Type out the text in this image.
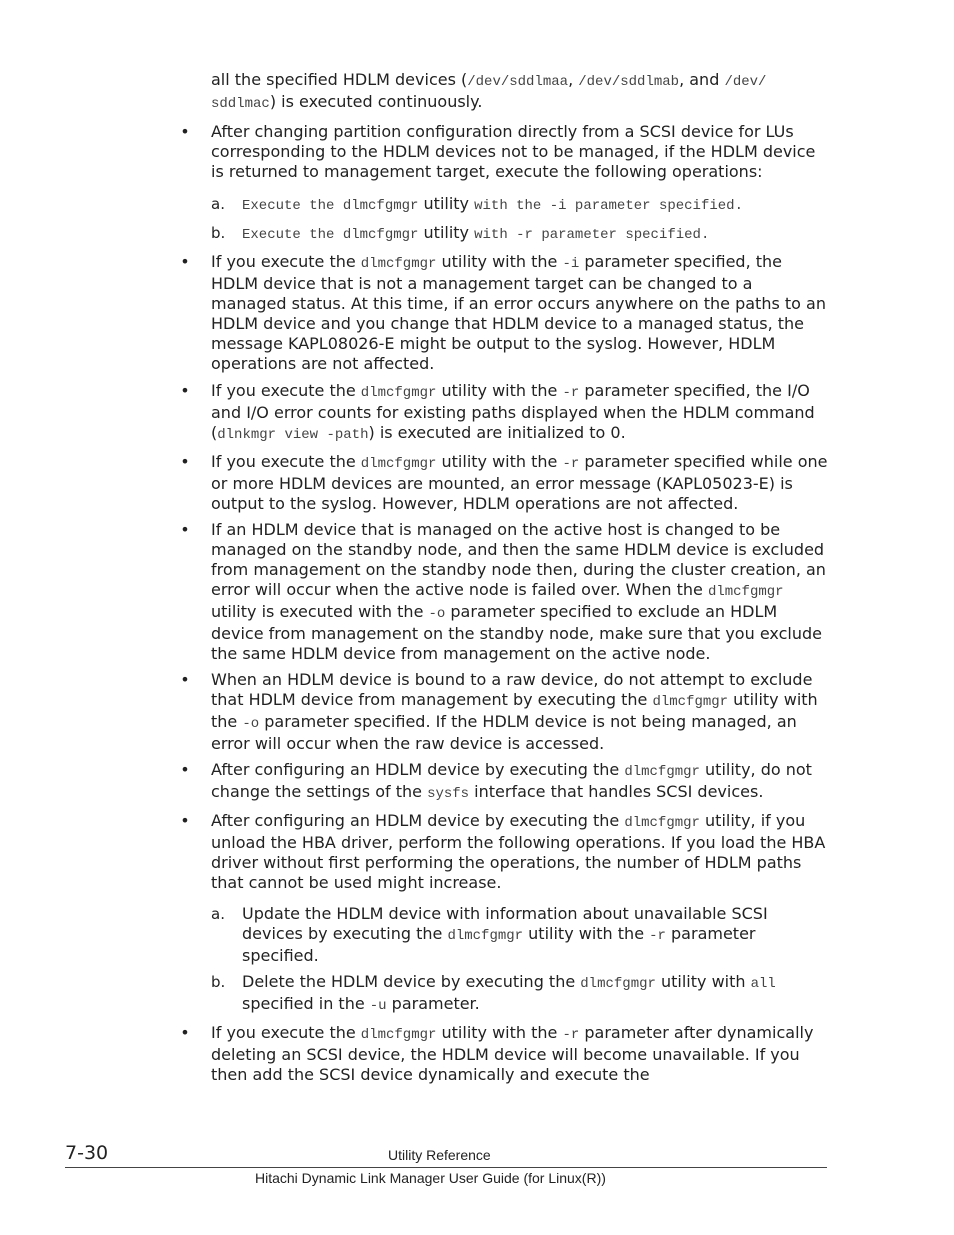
all the specified HDLM devices (/dev/sddlmaa, /dev/sddlmab, and /dev/
sddlmac) is executed continuously.
• After changing partition configuration directly from a SCSI device for LUs corresponding to the HDLM devices not to be managed, if the HDLM device is returned to management target, execute the following operations:
a. Execute the dlmcfgmgr utility with the -i parameter specified.
b. Execute the dlmcfgmgr utility with -r parameter specified.
• If you execute the dlmcfgmgr utility with the -i parameter specified, the HDLM device that is not a management target can be changed to a managed status. At this time, if an error occurs anywhere on the paths to an HDLM device and you change that HDLM device to a managed status, the message KAPL08026-E might be output to the syslog. However, HDLM operations are not affected.
• If you execute the dlmcfgmgr utility with the -r parameter specified, the I/O and I/O error counts for existing paths displayed when the HDLM command (dlnkmgr view -path) is executed are initialized to 0.
• If you execute the dlmcfgmgr utility with the -r parameter specified while one or more HDLM devices are mounted, an error message (KAPL05023-E) is output to the syslog. However, HDLM operations are not affected.
• If an HDLM device that is managed on the active host is changed to be managed on the standby node, and then the same HDLM device is excluded from management on the standby node then, during the cluster creation, an error will occur when the active node is failed over. When the dlmcfgmgr utility is executed with the -o parameter specified to exclude an HDLM device from management on the standby node, make sure that you exclude the same HDLM device from management on the active node.
• When an HDLM device is bound to a raw device, do not attempt to exclude that HDLM device from management by executing the dlmcfgmgr utility with the -o parameter specified. If the HDLM device is not being managed, an error will occur when the raw device is accessed.
• After configuring an HDLM device by executing the dlmcfgmgr utility, do not change the settings of the sysfs interface that handles SCSI devices.
• After configuring an HDLM device by executing the dlmcfgmgr utility, if you unload the HBA driver, perform the following operations. If you load the HBA driver without first performing the operations, the number of HDLM paths that cannot be used might increase.
a. Update the HDLM device with information about unavailable SCSI devices by executing the dlmcfgmgr utility with the -r parameter specified.
b. Delete the HDLM device by executing the dlmcfgmgr utility with all specified in the -u parameter.
• If you execute the dlmcfgmgr utility with the -r parameter after dynamically deleting an SCSI device, the HDLM device will become unavailable. If you then add the SCSI device dynamically and execute the
7-30	Utility Reference
Hitachi Dynamic Link Manager User Guide (for Linux(R))
